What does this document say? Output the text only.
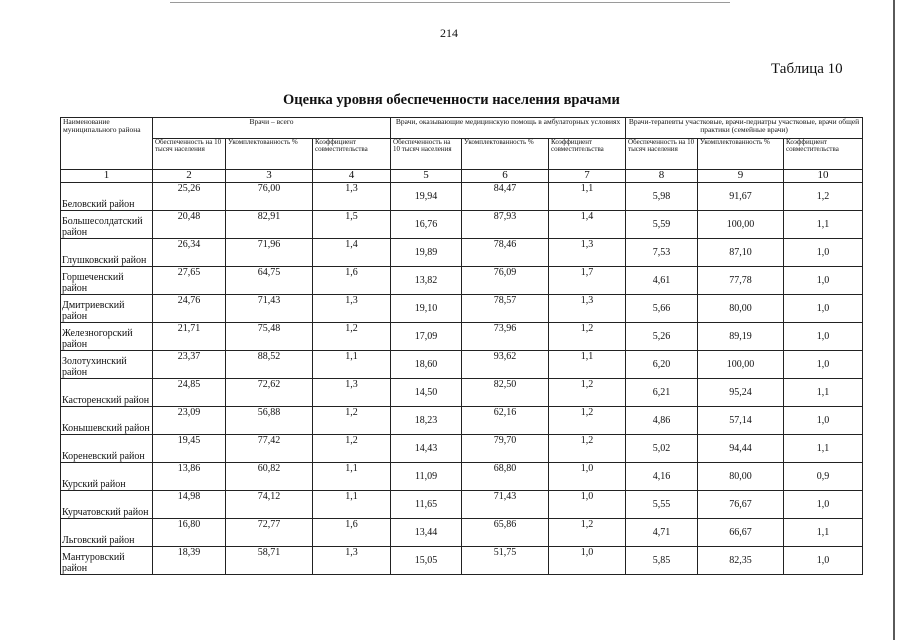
214
Таблица 10
Оценка уровня обеспеченности населения врачами
Наименование муниципального района	Врачи – всего			Врачи, оказывающие медицинскую помощь в амбулаторных условиях			Врачи-терапевты участковые, врачи-педиатры участковые, врачи общей практики (семейные врачи)		
	Обеспеченность на 10 тысяч населения	Укомплектованность %	Коэффициент совместительства	Обеспеченность на 10 тысяч населения	Укомплектованность %	Коэффициент совместительства	Обеспеченность на 10 тысяч населения	Укомплектованность %	Коэффициент совместительства
1	2	3	4	5	6	7	8	9	10
Беловский район	25,26	76,00	1,3	19,94	84,47	1,1	5,98	91,67	1,2
Большесолдатский район	20,48	82,91	1,5	16,76	87,93	1,4	5,59	100,00	1,1
Глушковский район	26,34	71,96	1,4	19,89	78,46	1,3	7,53	87,10	1,0
Горшеченский район	27,65	64,75	1,6	13,82	76,09	1,7	4,61	77,78	1,0
Дмитриевский район	24,76	71,43	1,3	19,10	78,57	1,3	5,66	80,00	1,0
Железногорский район	21,71	75,48	1,2	17,09	73,96	1,2	5,26	89,19	1,0
Золотухинский район	23,37	88,52	1,1	18,60	93,62	1,1	6,20	100,00	1,0
Касторенский район	24,85	72,62	1,3	14,50	82,50	1,2	6,21	95,24	1,1
Конышевский район	23,09	56,88	1,2	18,23	62,16	1,2	4,86	57,14	1,0
Кореневский район	19,45	77,42	1,2	14,43	79,70	1,2	5,02	94,44	1,1
Курский район	13,86	60,82	1,1	11,09	68,80	1,0	4,16	80,00	0,9
Курчатовский район	14,98	74,12	1,1	11,65	71,43	1,0	5,55	76,67	1,0
Льговский район	16,80	72,77	1,6	13,44	65,86	1,2	4,71	66,67	1,1
Мантуровский район	18,39	58,71	1,3	15,05	51,75	1,0	5,85	82,35	1,0
